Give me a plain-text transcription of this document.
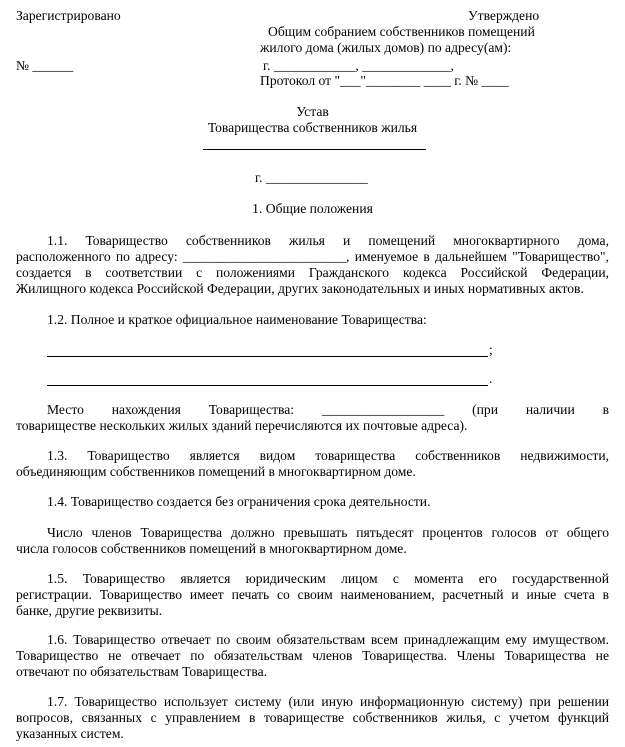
Зарегистрировано	Утверждено
Общим собранием собственников помещений
жилого дома (жилых домов) по адресу(ам):
№ ______	г. ____________, _____________,
Протокол от "___"________ ____ г. № ____
Устав
Товарищества собственников жилья
г. _______________
1. Общие положения
1.1. Товарищество собственников жилья и помещений многоквартирного дома,
расположенного по адресу: ________________________, именуемое в дальнейшем "Товарищество",
создается в соответствии с положениями Гражданского кодекса Российской Федерации,
Жилищного кодекса Российской Федерации, других законодательных и иных нормативных актов.
1.2. Полное и краткое официальное наименование Товарищества:
;
.
Место нахождения Товарищества: __________________ (при наличии в
товариществе нескольких жилых зданий перечисляются их почтовые адреса).
1.3. Товарищество является видом товарищества собственников недвижимости,
объединяющим собственников помещений в многоквартирном доме.
1.4. Товарищество создается без ограничения срока деятельности.
Число членов Товарищества должно превышать пятьдесят процентов голосов от общего
числа голосов собственников помещений в многоквартирном доме.
1.5. Товарищество является юридическим лицом с момента его государственной
регистрации. Товарищество имеет печать со своим наименованием, расчетный и иные счета в
банке, другие реквизиты.
1.6. Товарищество отвечает по своим обязательствам всем принадлежащим ему имуществом.
Товарищество не отвечает по обязательствам членов Товарищества. Члены Товарищества не
отвечают по обязательствам Товарищества.
1.7. Товарищество использует систему (или иную информационную систему) при решении
вопросов, связанных с управлением в товариществе собственников жилья, с учетом функций
указанных систем.
